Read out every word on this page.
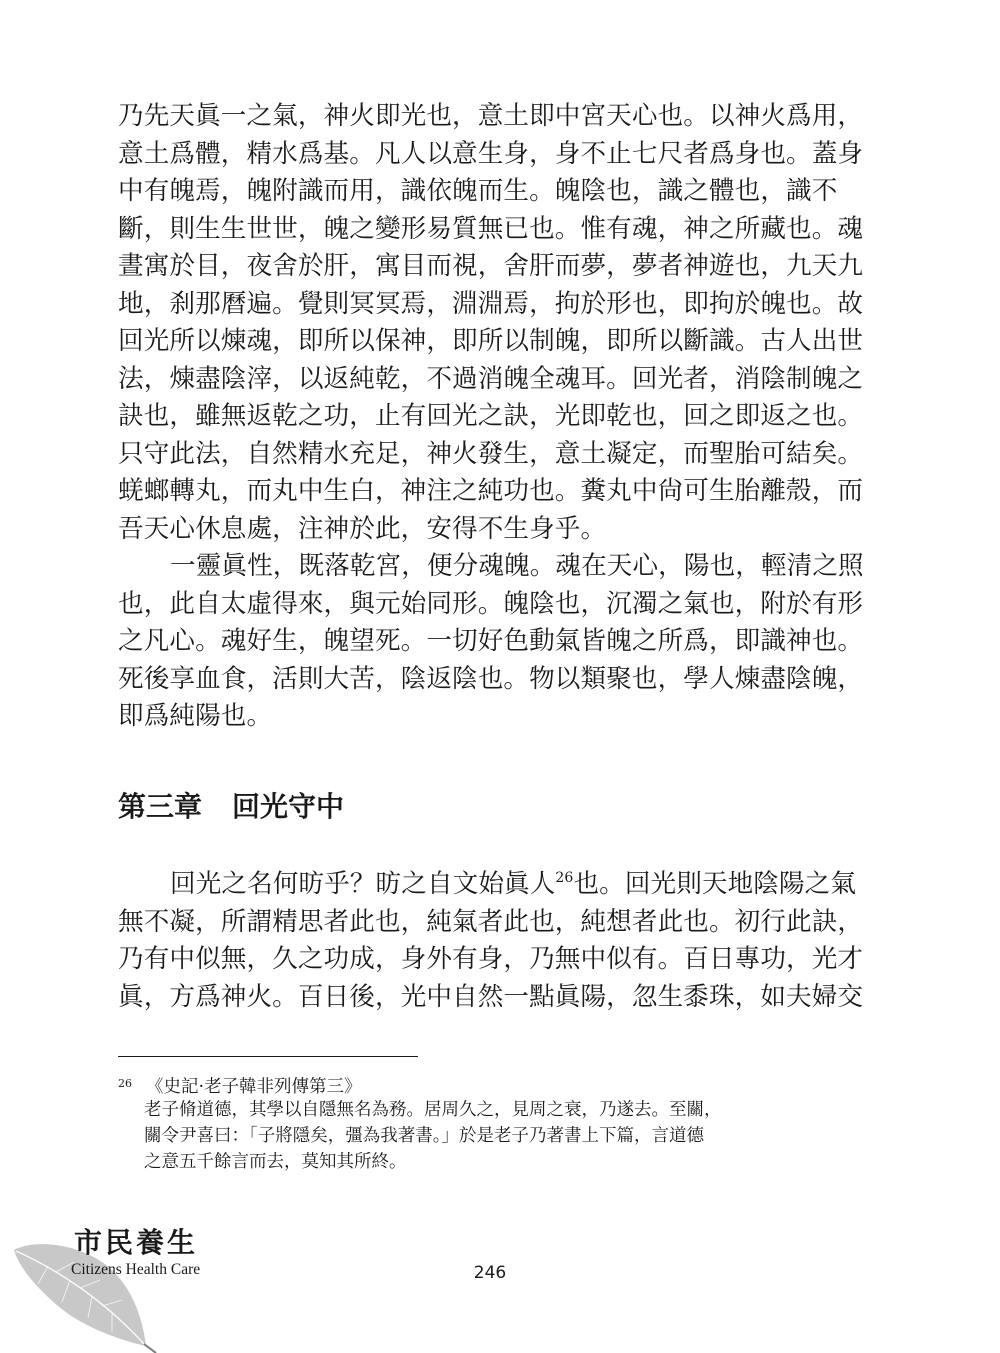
乃先天眞一之氣，神火即光也，意土即中宮天心也。以神火爲用，
意土爲體，精水爲基。凡人以意生身，身不止七尺者爲身也。蓋身
中有魄焉，魄附識而用，識依魄而生。魄陰也，識之體也，識不
斷，則生生世世，魄之變形易質無已也。惟有魂，神之所藏也。魂
晝寓於目，夜舍於肝，寓目而視，舍肝而夢，夢者神遊也，九天九
地，刹那曆遍。覺則冥冥焉，淵淵焉，拘於形也，即拘於魄也。故
回光所以煉魂，即所以保神，即所以制魄，即所以斷識。古人出世
法，煉盡陰滓，以返純乾，不過消魄全魂耳。回光者，消陰制魄之
訣也，雖無返乾之功，止有回光之訣，光即乾也，回之即返之也。
只守此法，自然精水充足，神火發生，意土凝定，而聖胎可結矣。
蜣螂轉丸，而丸中生白，神注之純功也。糞丸中尙可生胎離殼，而
吾天心休息處，注神於此，安得不生身乎。
一靈眞性，既落乾宮，便分魂魄。魂在天心，陽也，輕清之照
也，此自太虛得來，與元始同形。魄陰也，沉濁之氣也，附於有形
之凡心。魂好生，魄望死。一切好色動氣皆魄之所爲，即識神也。
死後享血食，活則大苦，陰返陰也。物以類聚也，學人煉盡陰魄，
即爲純陽也。
第三章 回光守中
回光之名何昉乎？昉之自文始眞人$^{26}$也。回光則天地陰陽之氣
無不凝，所謂精思者此也，純氣者此也，純想者此也。初行此訣，
乃有中似無，久之功成，身外有身，乃無中似有。百日專功，光才
眞，方爲神火。百日後，光中自然一點眞陽，忽生黍珠，如夫婦交
$^{26}$ 《史記·老子韓非列傳第三》
老子脩道德，其學以自隱無名為務。居周久之，見周之衰，乃遂去。至關，
關令尹喜曰：「子將隱矣，彊為我著書。」於是老子乃著書上下篇，言道德
之意五千餘言而去，莫知其所終。
市民養生
Citizens Health Care	246
